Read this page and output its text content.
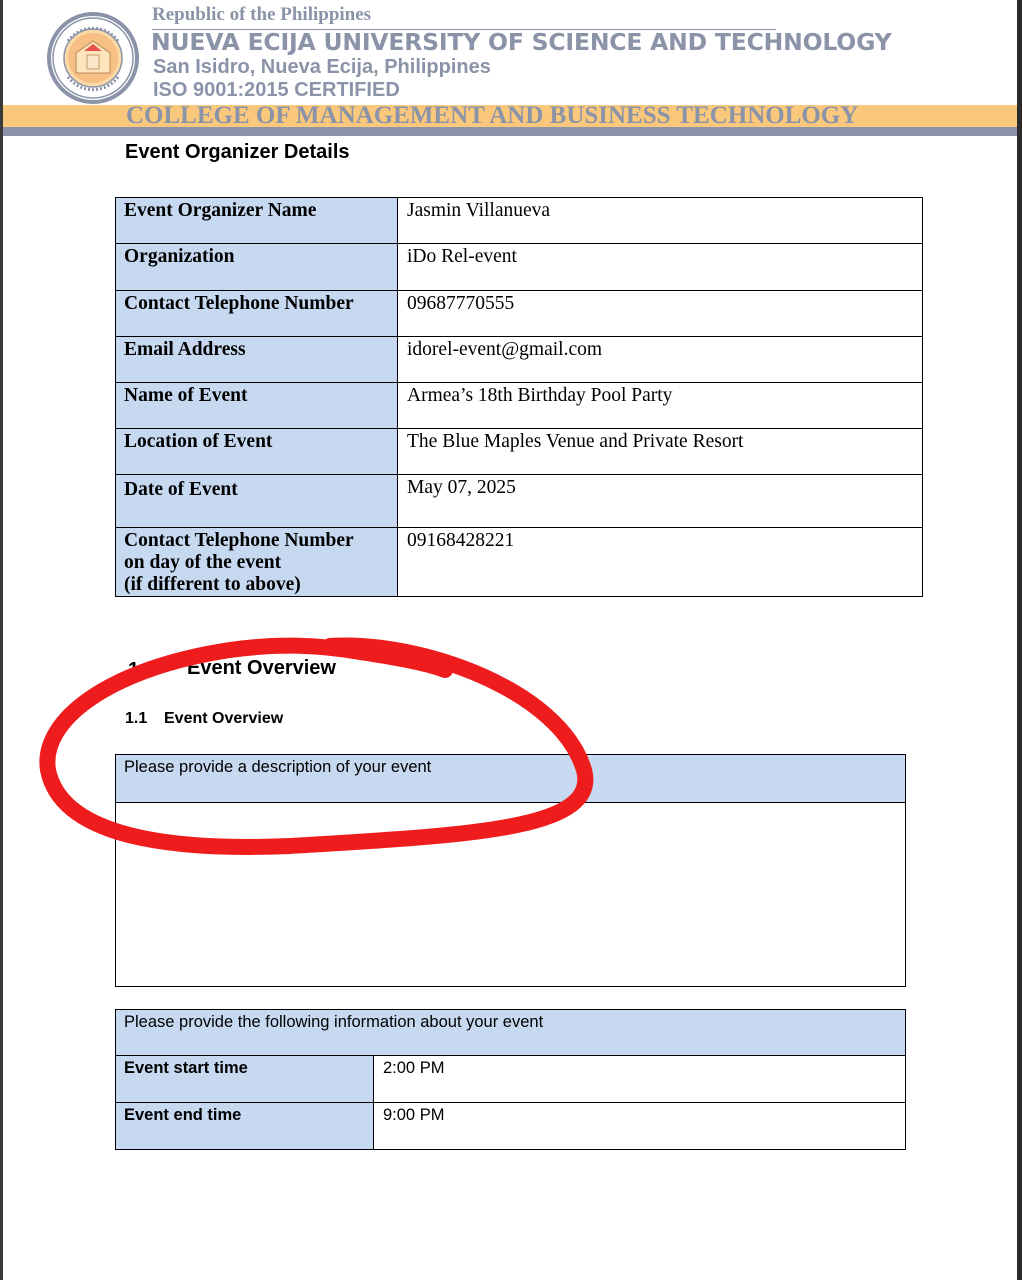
Republic of the Philippines
NUEVA ECIJA UNIVERSITY OF SCIENCE AND TECHNOLOGY
San Isidro, Nueva Ecija, Philippines
ISO 9001:2015 CERTIFIED
COLLEGE OF MANAGEMENT AND BUSINESS TECHNOLOGY
Event Organizer Details
Event Organizer Name	Jasmin Villanueva
Organization	iDo Rel-event
Contact Telephone Number	09687770555
Email Address	idorel-event@gmail.com
Name of Event	Armea’s 18th Birthday Pool Party
Location of Event	The Blue Maples Venue and Private Resort
Date of Event	May 07, 2025

Contact Telephone Number
on day of the event
(if different to above)	09168428221
1. Event Overview
1.1 Event Overview
Please provide a description of your event

Please provide the following information about your event	
Event start time	2:00 PM
Event end time	9:00 PM
